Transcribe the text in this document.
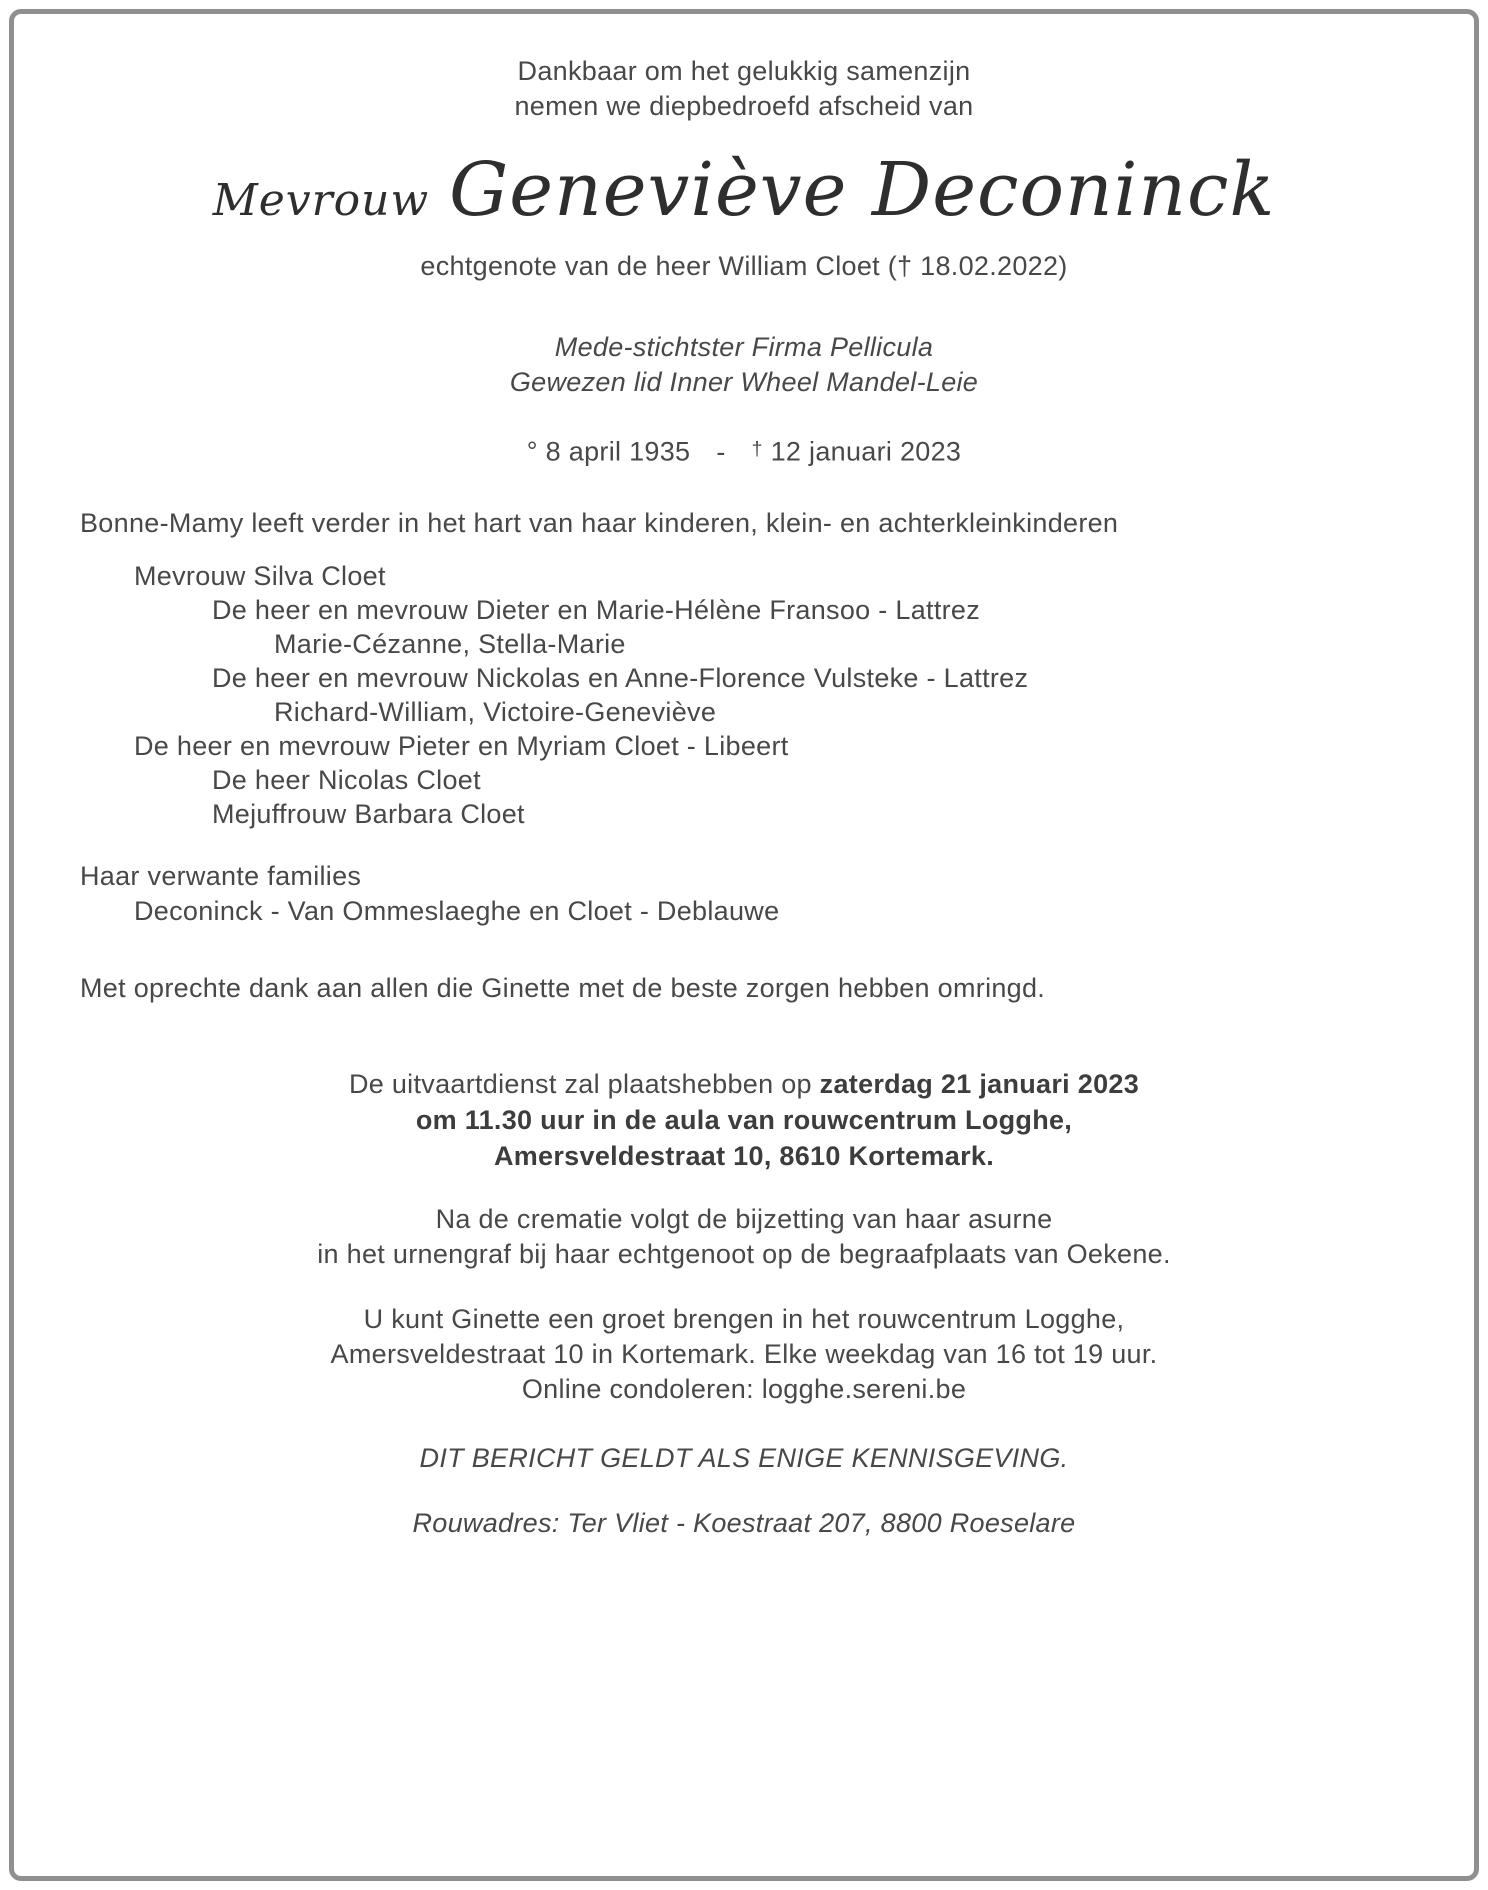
Dankbaar om het gelukkig samenzijn

nemen we diepbedroefd afscheid van

Mevrouw Geneviève Deconinck

echtgenote van de heer William Cloet († 18.02.2022)

Mede-stichtster Firma Pellicula

Gewezen lid Inner Wheel Mandel-Leie

° 8 april 1935 - † 12 januari 2023

Bonne-Mamy leeft verder in het hart van haar kinderen, klein- en achterkleinkinderen

Mevrouw Silva Cloet

De heer en mevrouw Dieter en Marie-Hélène Fransoo - Lattrez

Marie-Cézanne, Stella-Marie

De heer en mevrouw Nickolas en Anne-Florence Vulsteke - Lattrez

Richard-William, Victoire-Geneviève

De heer en mevrouw Pieter en Myriam Cloet - Libeert

De heer Nicolas Cloet

Mejuffrouw Barbara Cloet

Haar verwante families

Deconinck - Van Ommeslaeghe en Cloet - Deblauwe

Met oprechte dank aan allen die Ginette met de beste zorgen hebben omringd.

De uitvaartdienst zal plaatshebben op zaterdag 21 januari 2023

om 11.30 uur in de aula van rouwcentrum Logghe,

Amersveldestraat 10, 8610 Kortemark.

Na de crematie volgt de bijzetting van haar asurne

in het urnengraf bij haar echtgenoot op de begraafplaats van Oekene.

U kunt Ginette een groet brengen in het rouwcentrum Logghe,

Amersveldestraat 10 in Kortemark. Elke weekdag van 16 tot 19 uur.

Online condoleren: logghe.sereni.be

DIT BERICHT GELDT ALS ENIGE KENNISGEVING.

Rouwadres: Ter Vliet - Koestraat 207, 8800 Roeselare
